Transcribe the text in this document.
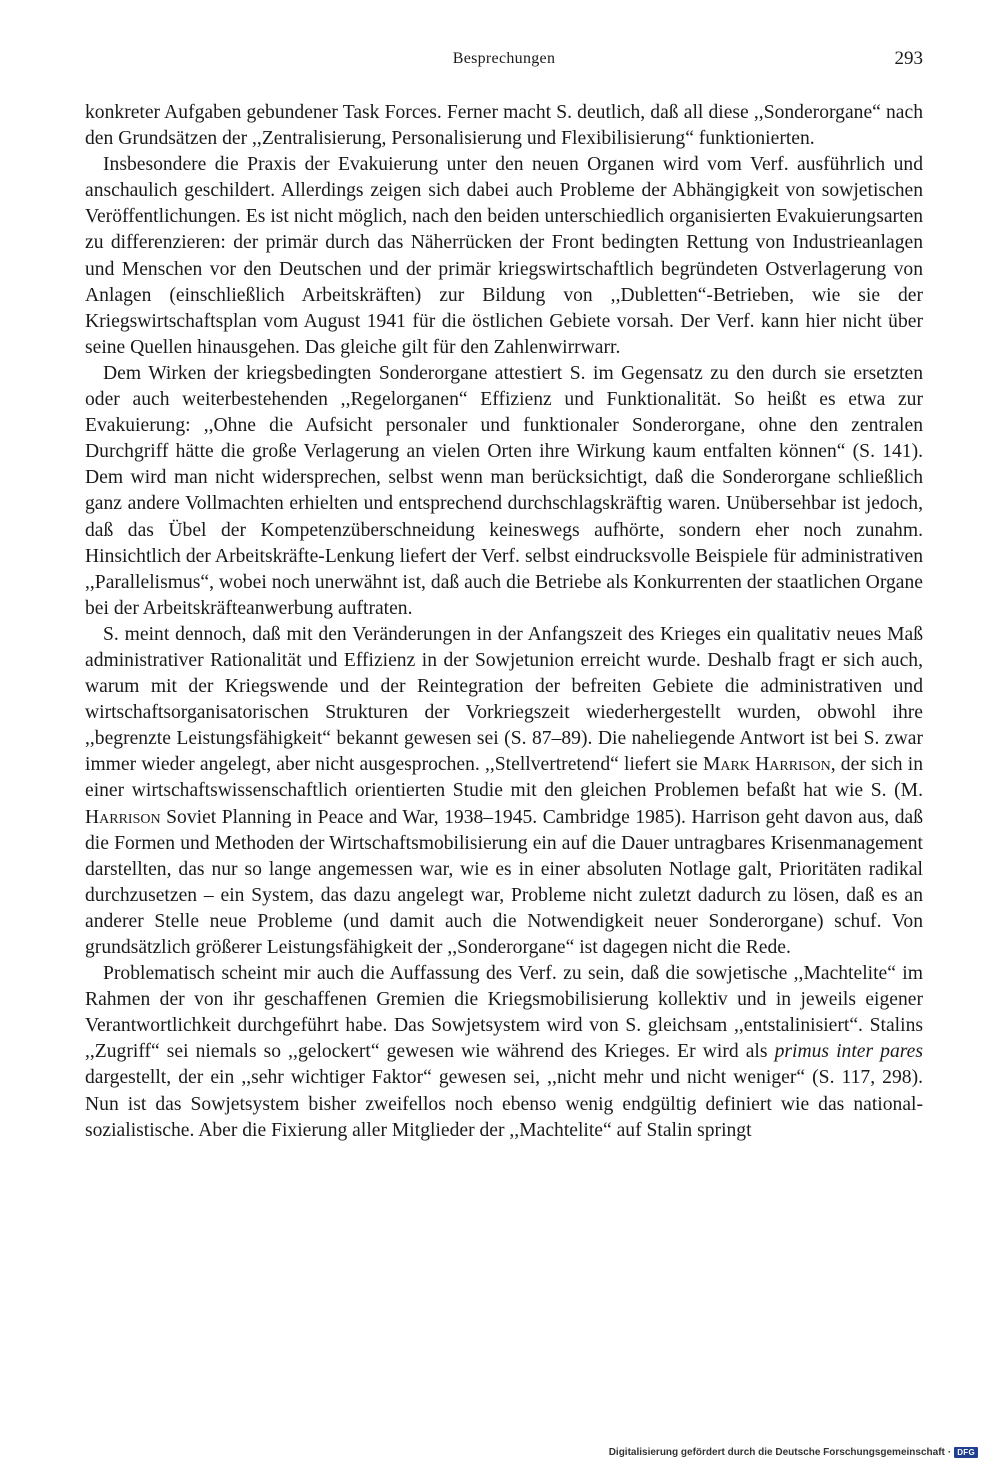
Besprechungen	293

konkreter Aufgaben gebundener Task Forces. Ferner macht S. deutlich, daß all diese ,,Sonderorgane“ nach den Grundsätzen der ,,Zentralisierung, Personalisierung und Flexibilisierung“ funktionierten.

Insbesondere die Praxis der Evakuierung unter den neuen Organen wird vom Verf. ausführlich und anschaulich geschildert. Allerdings zeigen sich dabei auch Probleme der Abhängigkeit von sowjetischen Veröffentlichungen. Es ist nicht möglich, nach den beiden unterschiedlich organisierten Evakuierungsarten zu differenzieren: der primär durch das Näherrücken der Front bedingten Rettung von Industrieanlagen und Menschen vor den Deutschen und der primär kriegswirtschaftlich begründeten Ostverlagerung von Anlagen (einschließlich Arbeitskräften) zur Bildung von ,,Dubletten“-Betrieben, wie sie der Kriegswirtschaftsplan vom August 1941 für die östlichen Gebiete vorsah. Der Verf. kann hier nicht über seine Quellen hinausgehen. Das gleiche gilt für den Zahlenwirrwarr.

Dem Wirken der kriegsbedingten Sonderorgane attestiert S. im Gegensatz zu den durch sie ersetzten oder auch weiterbestehenden ,,Regelorganen“ Effizienz und Funktionalität. So heißt es etwa zur Evakuierung: ,,Ohne die Aufsicht personaler und funktionaler Sonderorgane, ohne den zentralen Durchgriff hätte die große Verlagerung an vielen Orten ihre Wirkung kaum entfalten können“ (S. 141). Dem wird man nicht widersprechen, selbst wenn man berücksichtigt, daß die Sonderorgane schließlich ganz andere Vollmachten erhielten und entsprechend durchschlagskräftig waren. Unübersehbar ist jedoch, daß das Übel der Kompetenzüberschneidung keineswegs aufhörte, sondern eher noch zunahm. Hinsichtlich der Arbeitskräfte-Lenkung liefert der Verf. selbst eindrucksvolle Beispiele für administrativen ,,Parallelismus“, wobei noch unerwähnt ist, daß auch die Betriebe als Konkurrenten der staatlichen Organe bei der Arbeitskräfteanwerbung auftraten.

S. meint dennoch, daß mit den Veränderungen in der Anfangszeit des Krieges ein qualitativ neues Maß administrativer Rationalität und Effizienz in der Sowjetunion erreicht wurde. Deshalb fragt er sich auch, warum mit der Kriegswende und der Reintegration der befreiten Gebiete die administrativen und wirtschaftsorganisatorischen Strukturen der Vorkriegszeit wiederhergestellt wurden, obwohl ihre ,,begrenzte Leistungsfähigkeit“ bekannt gewesen sei (S. 87–89). Die naheliegende Antwort ist bei S. zwar immer wieder angelegt, aber nicht ausgesprochen. ,,Stellvertretend“ liefert sie Mark Harrison, der sich in einer wirtschaftswissenschaftlich orientierten Studie mit den gleichen Problemen befaßt hat wie S. (M. Harrison Soviet Planning in Peace and War, 1938–1945. Cambridge 1985). Harrison geht davon aus, daß die Formen und Methoden der Wirtschaftsmobilisierung ein auf die Dauer untragbares Krisenmanagement darstellten, das nur so lange angemessen war, wie es in einer absoluten Notlage galt, Prioritäten radikal durchzusetzen – ein System, das dazu angelegt war, Probleme nicht zuletzt dadurch zu lösen, daß es an anderer Stelle neue Probleme (und damit auch die Notwendigkeit neuer Sonderorgane) schuf. Von grundsätzlich größerer Leistungsfähigkeit der ,,Sonderorgane“ ist dagegen nicht die Rede.

Problematisch scheint mir auch die Auffassung des Verf. zu sein, daß die sowjetische ,,Machtelite“ im Rahmen der von ihr geschaffenen Gremien die Kriegsmobilisierung kollektiv und in jeweils eigener Verantwortlichkeit durchgeführt habe. Das Sowjetsystem wird von S. gleichsam ,,entstalinisiert“. Stalins ,,Zugriff“ sei niemals so ,,gelockert“ gewesen wie während des Krieges. Er wird als primus inter pares dargestellt, der ein ,,sehr wichtiger Faktor“ gewesen sei, ,,nicht mehr und nicht weniger“ (S. 117, 298). Nun ist das Sowjetsystem bisher zweifellos noch ebenso wenig endgültig definiert wie das nationalsozialistische. Aber die Fixierung aller Mitglieder der ,,Machtelite“ auf Stalin springt

Digitalisierung gefördert durch die Deutsche Forschungsgemeinschaft · DFG
